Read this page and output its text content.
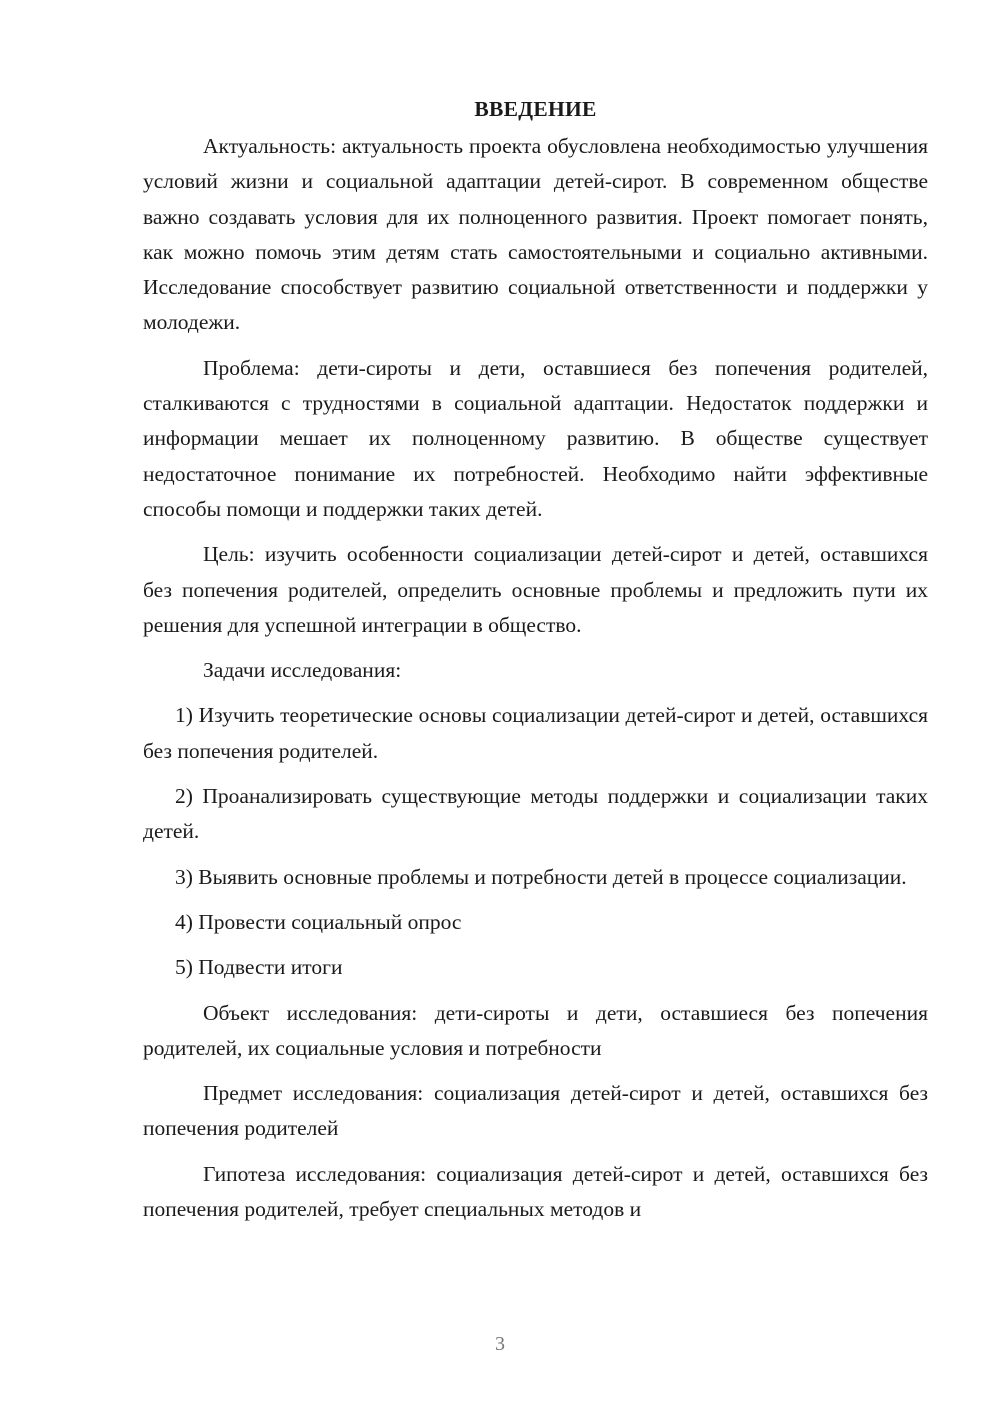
ВВЕДЕНИЕ

Актуальность: актуальность проекта обусловлена необходимостью улучшения условий жизни и социальной адаптации детей-сирот. В современном обществе важно создавать условия для их полноценного развития. Проект помогает понять, как можно помочь этим детям стать самостоятельными и социально активными. Исследование способствует развитию социальной ответственности и поддержки у молодежи.

Проблема: дети-сироты и дети, оставшиеся без попечения родителей, сталкиваются с трудностями в социальной адаптации. Недостаток поддержки и информации мешает их полноценному развитию. В обществе существует недостаточное понимание их потребностей. Необходимо найти эффективные способы помощи и поддержки таких детей.

Цель: изучить особенности социализации детей-сирот и детей, оставшихся без попечения родителей, определить основные проблемы и предложить пути их решения для успешной интеграции в общество.

Задачи исследования:

1) Изучить теоретические основы социализации детей-сирот и детей, оставшихся без попечения родителей.

2) Проанализировать существующие методы поддержки и социализации таких детей.

3) Выявить основные проблемы и потребности детей в процессе социализации.

4) Провести социальный опрос

5) Подвести итоги

Объект исследования: дети-сироты и дети, оставшиеся без попечения родителей, их социальные условия и потребности

Предмет исследования: социализация детей-сирот и детей, оставшихся без попечения родителей

Гипотеза исследования: социализация детей-сирот и детей, оставшихся без попечения родителей, требует специальных методов и

3
